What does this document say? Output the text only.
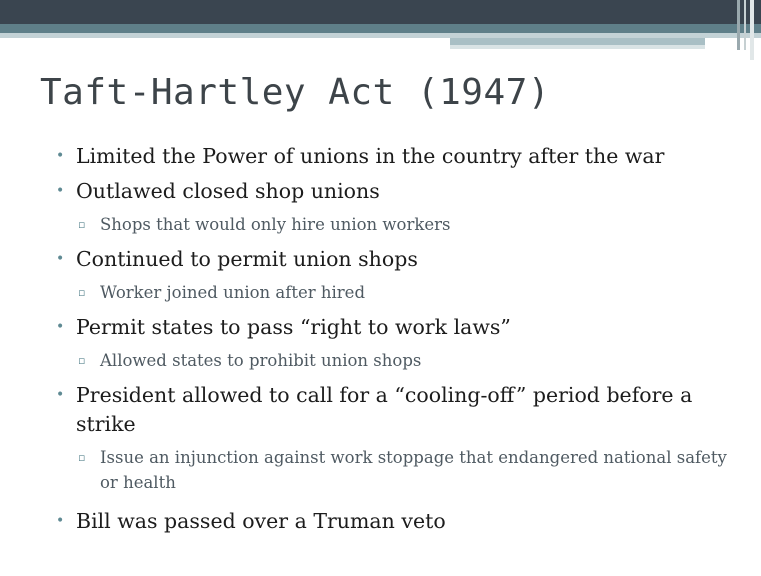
Taft-Hartley Act (1947)
• Limited the Power of unions in the country after the war
• Outlawed closed shop unions
▫ Shops that would only hire union workers
• Continued to permit union shops
▫ Worker joined union after hired
• Permit states to pass “right to work laws”
▫ Allowed states to prohibit union shops
• President allowed to call for a “cooling-off” period before a strike
▫ Issue an injunction against work stoppage that endangered national safety or health
• Bill was passed over a Truman veto
